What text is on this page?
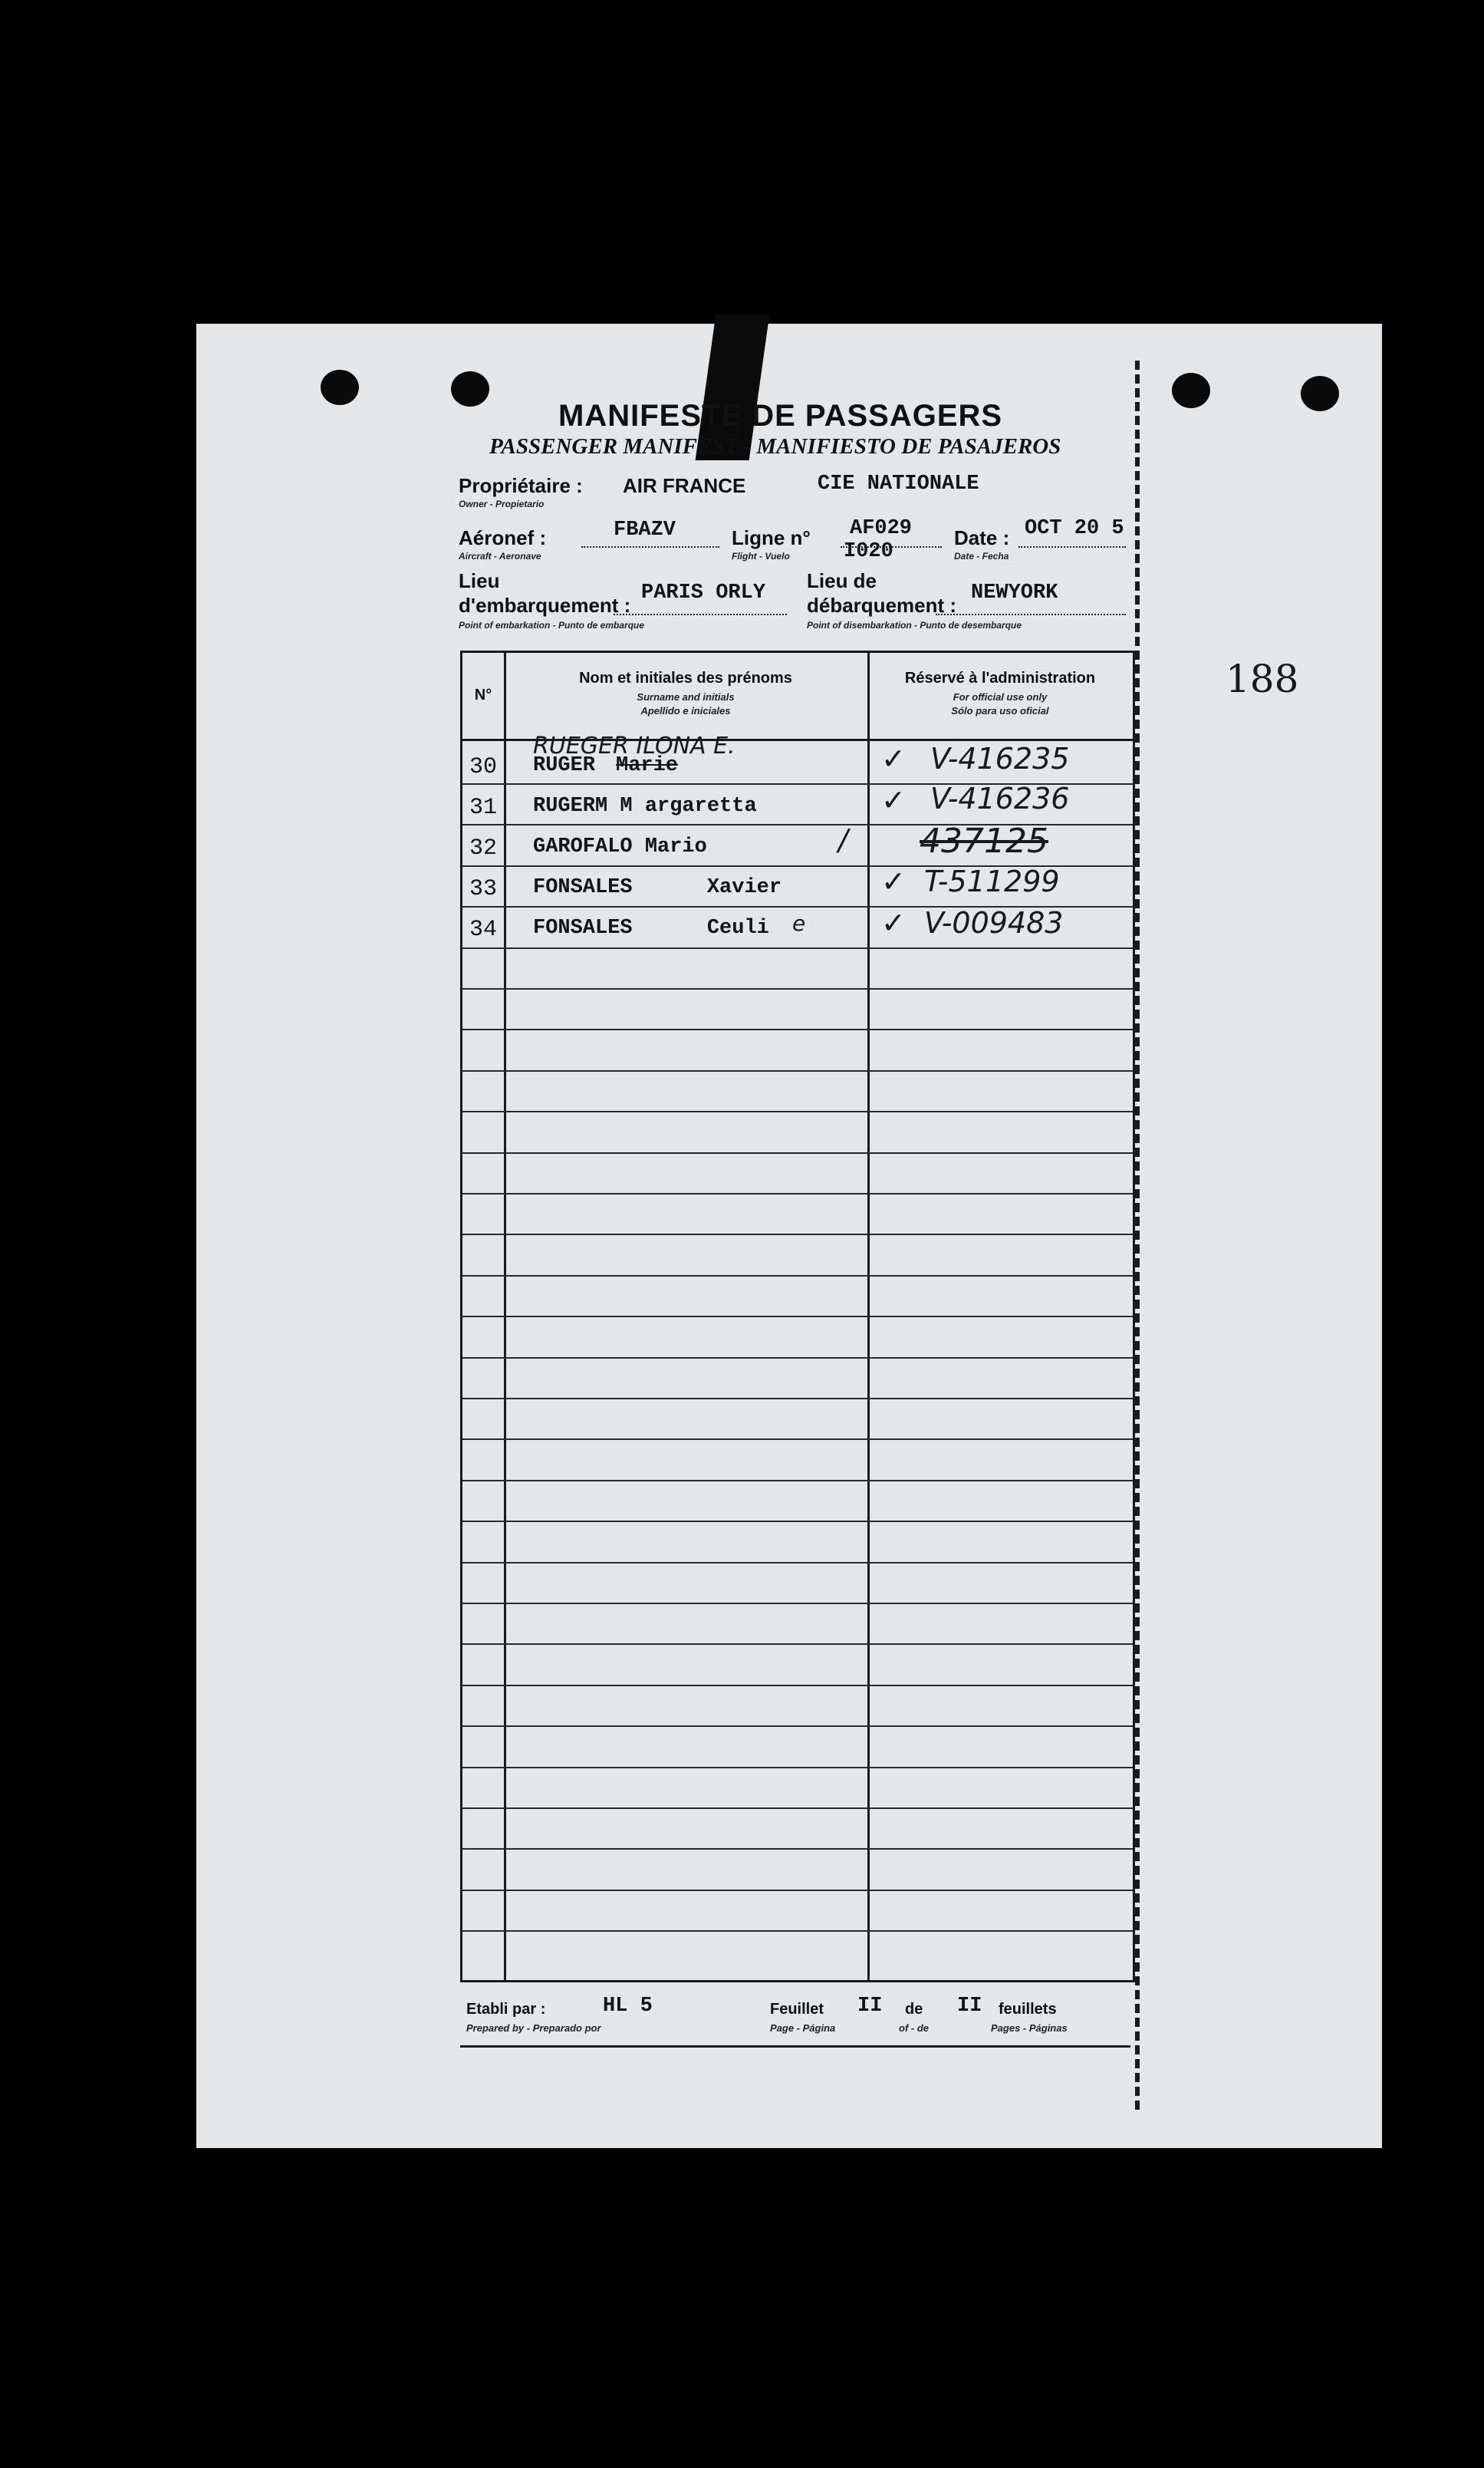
MANIFESTE DE PASSAGERS
PASSENGER MANIFEST - MANIFIESTO DE PASAJEROS
Propriétaire : AIR FRANCE	CIE NATIONALE
Owner - Propietario
Aéronef :	FBAZV
Aircraft - Aeronave
Ligne n° AF029
I020
Flight - Vuelo
Date : OCT 20 5
Date - Fecha
Lieu
d'embarquement :
PARIS ORLY
Point of embarkation - Punto de embarque
Lieu de
débarquement :
NEWYORK
Point of disembarkation - Punto de desembarque
188
N°
Nom et initiales des prénoms
Surname and initials
Apellido e iniciales
Réservé à l'administration
For official use only
Sólo para uso oficial
RUEGER ILONA E.
30	RUGER Marie	✓ V-416235
31	RUGERM M argaretta	✓ V-416236
32	GAROFALO Mario	/ 437125
33	FONSALES      Xavier	✓ T-511299
34	FONSALES      Ceuli e	✓ V-009483
Etabli par :
Prepared by - Preparado por
HL 5	Feuillet
Page - Página
II de
of - de
II feuillets
Pages - Páginas
